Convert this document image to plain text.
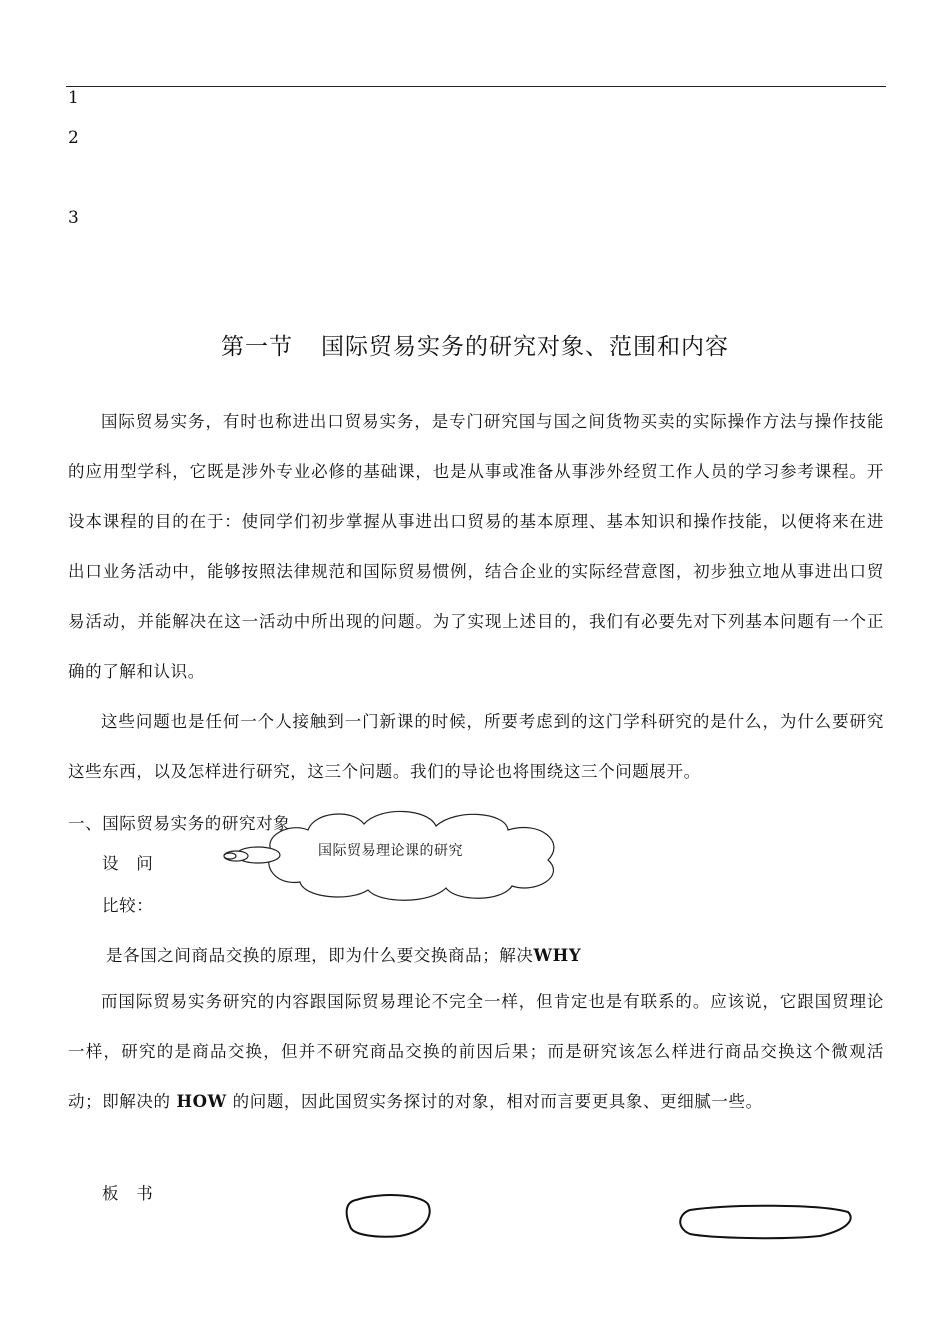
1
2
3
第一节 国际贸易实务的研究对象、范围和内容
国际贸易实务，有时也称进出口贸易实务，是专门研究国与国之间货物买卖的实际操作方法与操作技能的应用型学科，它既是涉外专业必修的基础课，也是从事或准备从事涉外经贸工作人员的学习参考课程。开设本课程的目的在于：使同学们初步掌握从事进出口贸易的基本原理、基本知识和操作技能，以便将来在进出口业务活动中，能够按照法律规范和国际贸易惯例，结合企业的实际经营意图，初步独立地从事进出口贸易活动，并能解决在这一活动中所出现的问题。为了实现上述目的，我们有必要先对下列基本问题有一个正确的了解和认识。
这些问题也是任何一个人接触到一门新课的时候，所要考虑到的这门学科研究的是什么，为什么要研究这些东西，以及怎样进行研究，这三个问题。我们的导论也将围绕这三个问题展开。
一、国际贸易实务的研究对象
国际贸易理论课的研究
设　问
比较：
是各国之间商品交换的原理，即为什么要交换商品；解决WHY
而国际贸易实务研究的内容跟国际贸易理论不完全一样，但肯定也是有联系的。应该说，它跟国贸理论一样，研究的是商品交换，但并不研究商品交换的前因后果；而是研究该怎么样进行商品交换这个微观活动；即解决的 HOW 的问题，因此国贸实务探讨的对象，相对而言要更具象、更细腻一些。
板　书
